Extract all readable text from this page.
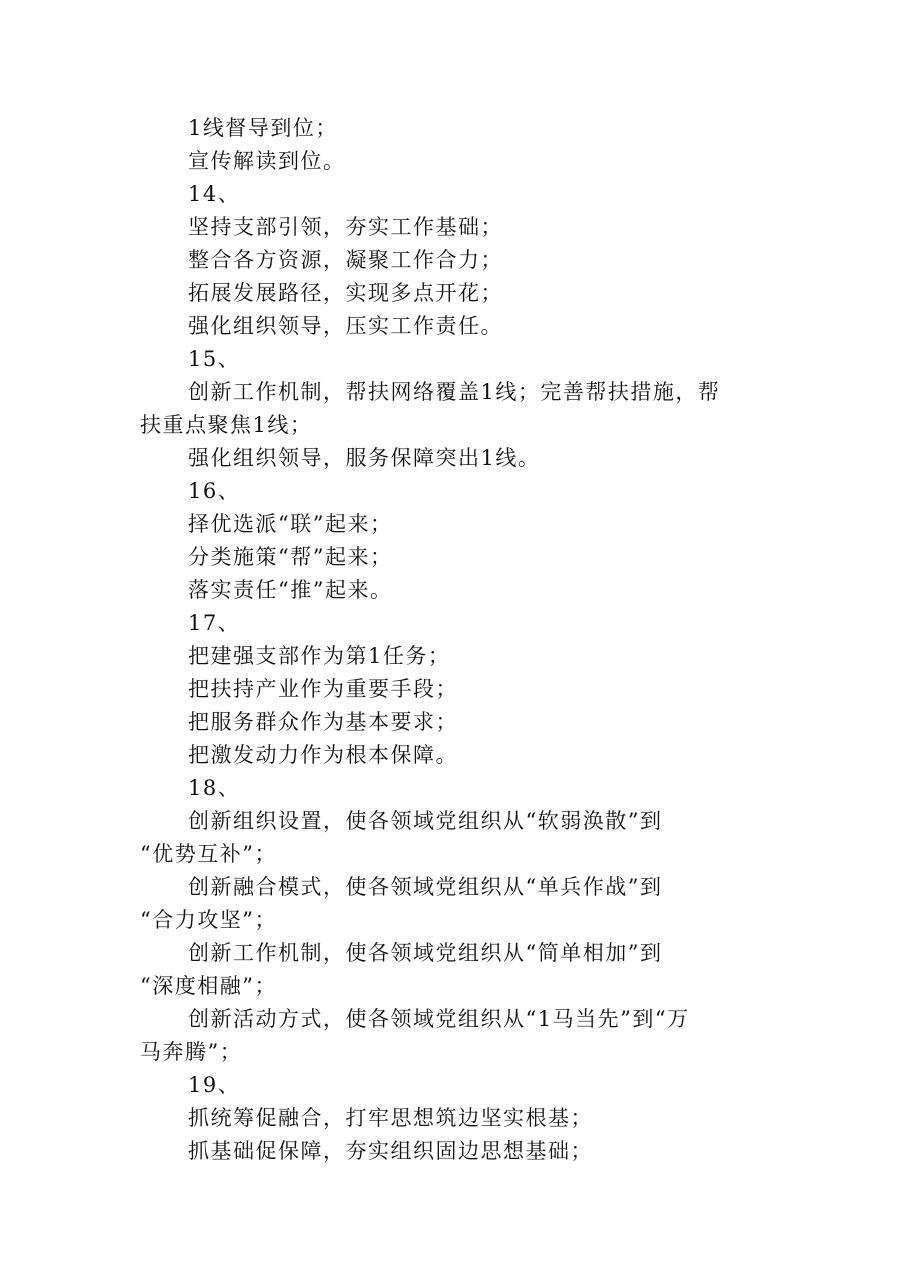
1线督导到位；
宣传解读到位。
14、
坚持支部引领，夯实工作基础；
整合各方资源，凝聚工作合力；
拓展发展路径，实现多点开花；
强化组织领导，压实工作责任。
15、
创新工作机制，帮扶网络覆盖1线；完善帮扶措施，帮
扶重点聚焦1线；
强化组织领导，服务保障突出1线。
16、
择优选派“联”起来；
分类施策“帮”起来；
落实责任“推”起来。
17、
把建强支部作为第1任务；
把扶持产业作为重要手段；
把服务群众作为基本要求；
把激发动力作为根本保障。
18、
创新组织设置，使各领域党组织从“软弱涣散”到
“优势互补”；
创新融合模式，使各领域党组织从“单兵作战”到
“合力攻坚”；
创新工作机制，使各领域党组织从“简单相加”到
“深度相融”；
创新活动方式，使各领域党组织从“1马当先”到“万
马奔腾”；
19、
抓统筹促融合，打牢思想筑边坚实根基；
抓基础促保障，夯实组织固边思想基础；
